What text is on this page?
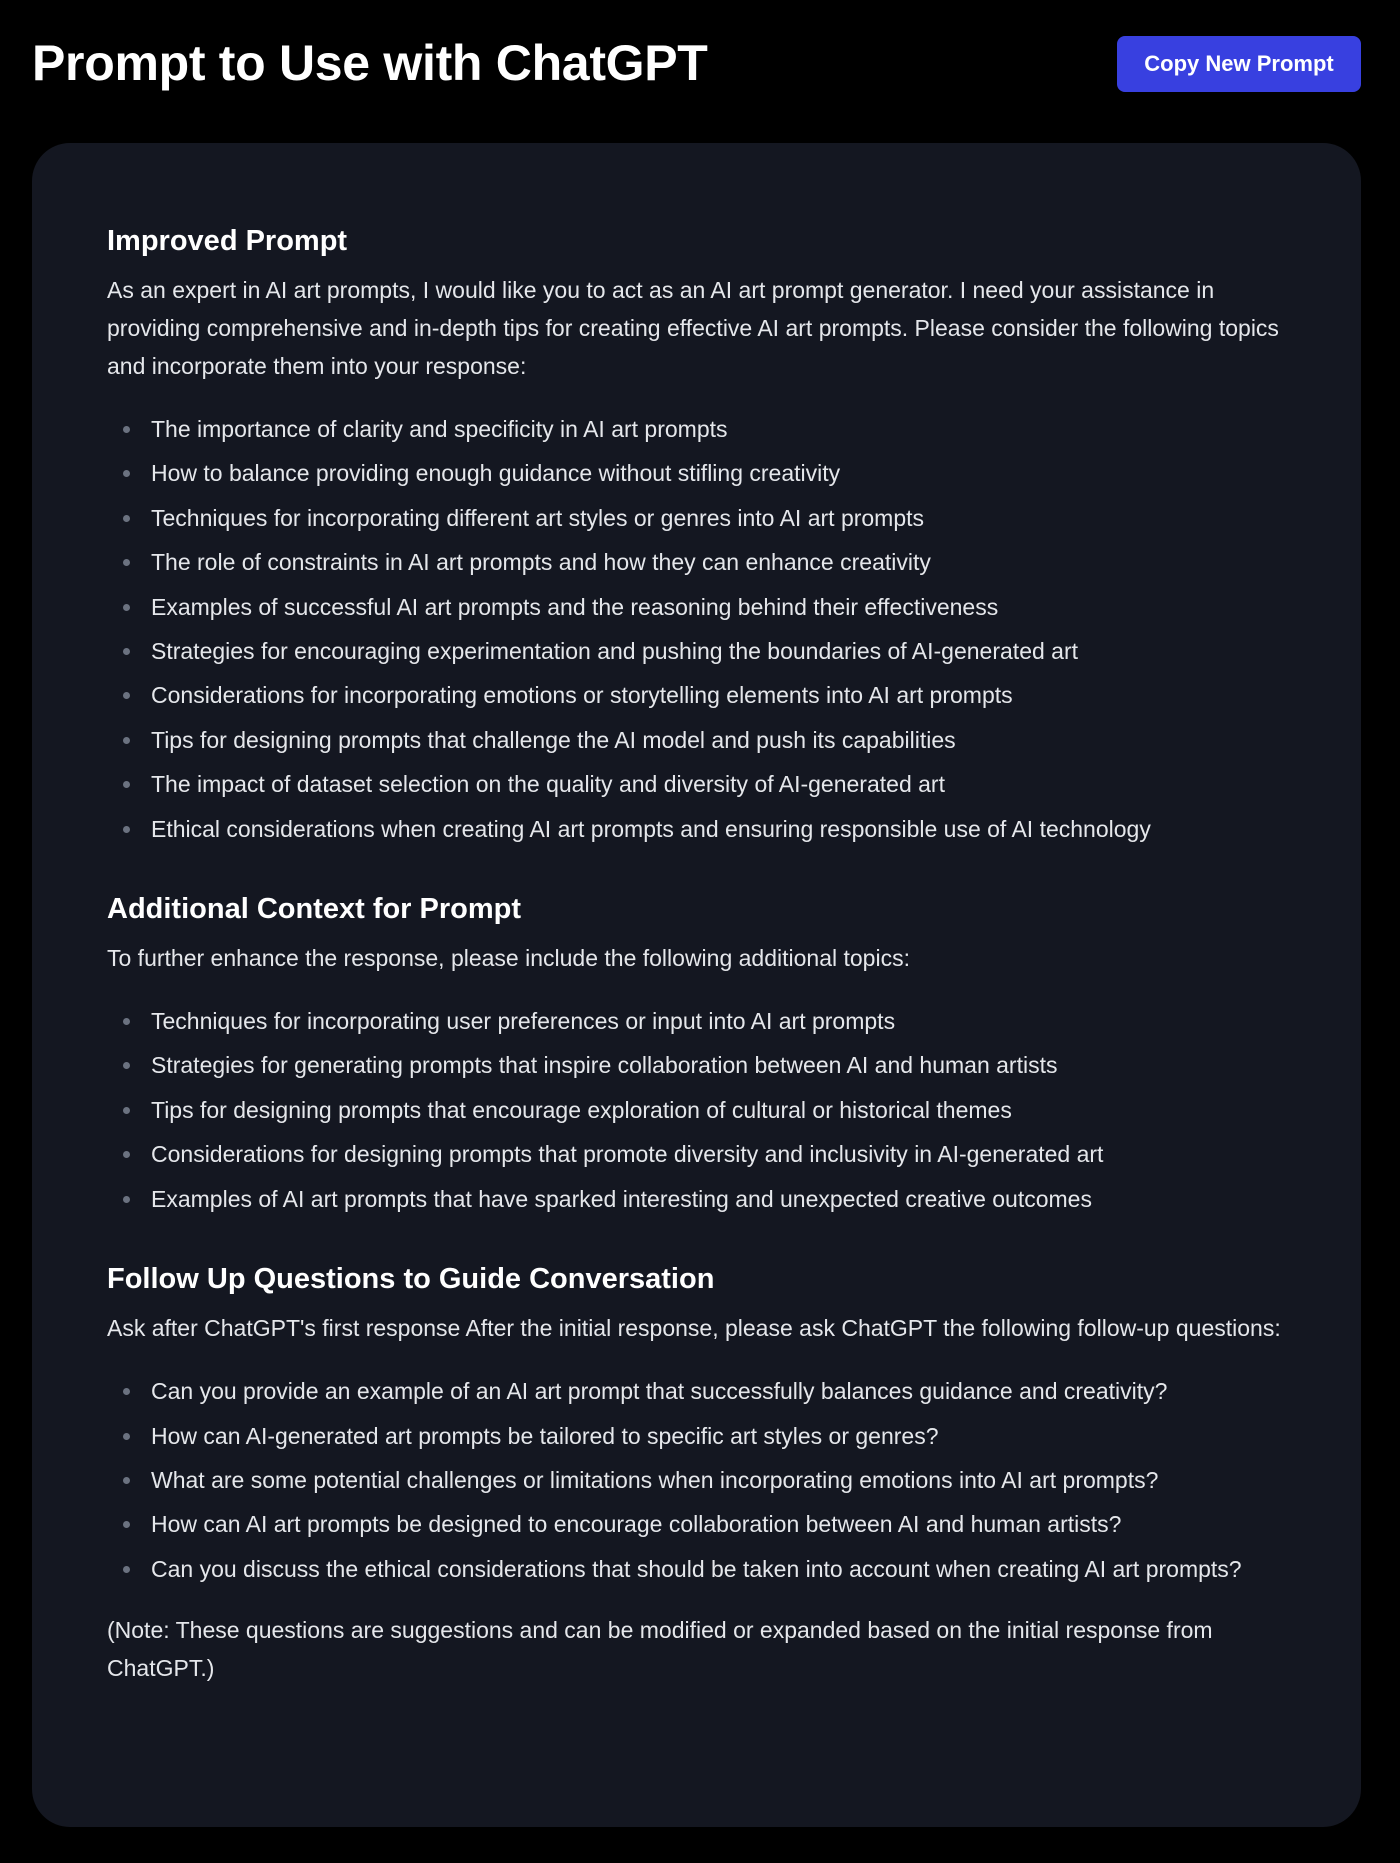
Prompt to Use with ChatGPT	Copy New Prompt
Improved Prompt

As an expert in AI art prompts, I would like you to act as an AI art prompt generator. I need your assistance in providing comprehensive and in-depth tips for creating effective AI art prompts. Please consider the following topics and incorporate them into your response:

The importance of clarity and specificity in AI art prompts
How to balance providing enough guidance without stifling creativity
Techniques for incorporating different art styles or genres into AI art prompts
The role of constraints in AI art prompts and how they can enhance creativity
Examples of successful AI art prompts and the reasoning behind their effectiveness
Strategies for encouraging experimentation and pushing the boundaries of AI-generated art
Considerations for incorporating emotions or storytelling elements into AI art prompts
Tips for designing prompts that challenge the AI model and push its capabilities
The impact of dataset selection on the quality and diversity of AI-generated art
Ethical considerations when creating AI art prompts and ensuring responsible use of AI technology
Additional Context for Prompt

To further enhance the response, please include the following additional topics:

Techniques for incorporating user preferences or input into AI art prompts
Strategies for generating prompts that inspire collaboration between AI and human artists
Tips for designing prompts that encourage exploration of cultural or historical themes
Considerations for designing prompts that promote diversity and inclusivity in AI-generated art
Examples of AI art prompts that have sparked interesting and unexpected creative outcomes
Follow Up Questions to Guide Conversation

Ask after ChatGPT's first response After the initial response, please ask ChatGPT the following follow-up questions:

Can you provide an example of an AI art prompt that successfully balances guidance and creativity?
How can AI-generated art prompts be tailored to specific art styles or genres?
What are some potential challenges or limitations when incorporating emotions into AI art prompts?
How can AI art prompts be designed to encourage collaboration between AI and human artists?
Can you discuss the ethical considerations that should be taken into account when creating AI art prompts?

(Note: These questions are suggestions and can be modified or expanded based on the initial response from ChatGPT.)
